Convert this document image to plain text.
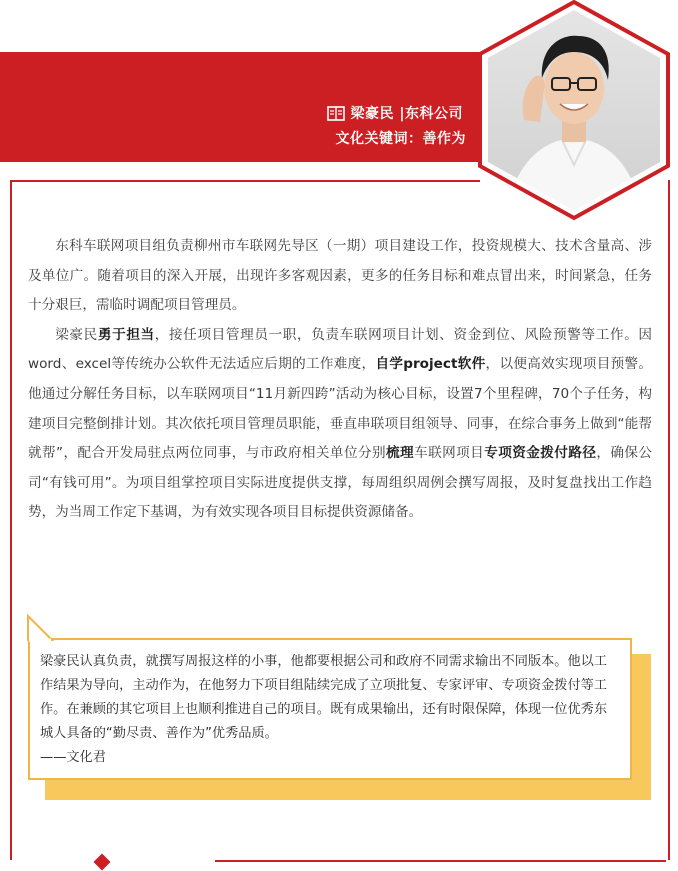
梁豪民 |东科公司
文化关键词：善作为

东科车联网项目组负责柳州市车联网先导区（一期）项目建设工作，投资规模大、技术含量高、涉及单位广。随着项目的深入开展，出现许多客观因素，更多的任务目标和难点冒出来，时间紧急，任务十分艰巨，需临时调配项目管理员。

梁豪民勇于担当，接任项目管理员一职，负责车联网项目计划、资金到位、风险预警等工作。因word、excel等传统办公软件无法适应后期的工作难度，自学project软件，以便高效实现项目预警。他通过分解任务目标，以车联网项目“11月新四跨”活动为核心目标，设置7个里程碑，70个子任务，构建项目完整倒排计划。其次依托项目管理员职能，垂直串联项目组领导、同事，在综合事务上做到“能帮就帮”，配合开发局驻点两位同事，与市政府相关单位分别梳理车联网项目专项资金拨付路径，确保公司“有钱可用”。为项目组掌控项目实际进度提供支撑，每周组织周例会撰写周报，及时复盘找出工作趋势，为当周工作定下基调，为有效实现各项目目标提供资源储备。

梁豪民认真负责，就撰写周报这样的小事，他都要根据公司和政府不同需求输出不同版本。他以工作结果为导向，主动作为，在他努力下项目组陆续完成了立项批复、专家评审、专项资金拨付等工作。在兼顾的其它项目上也顺利推进自己的项目。既有成果输出，还有时限保障，体现一位优秀东城人具备的“勤尽责、善作为”优秀品质。

——文化君
